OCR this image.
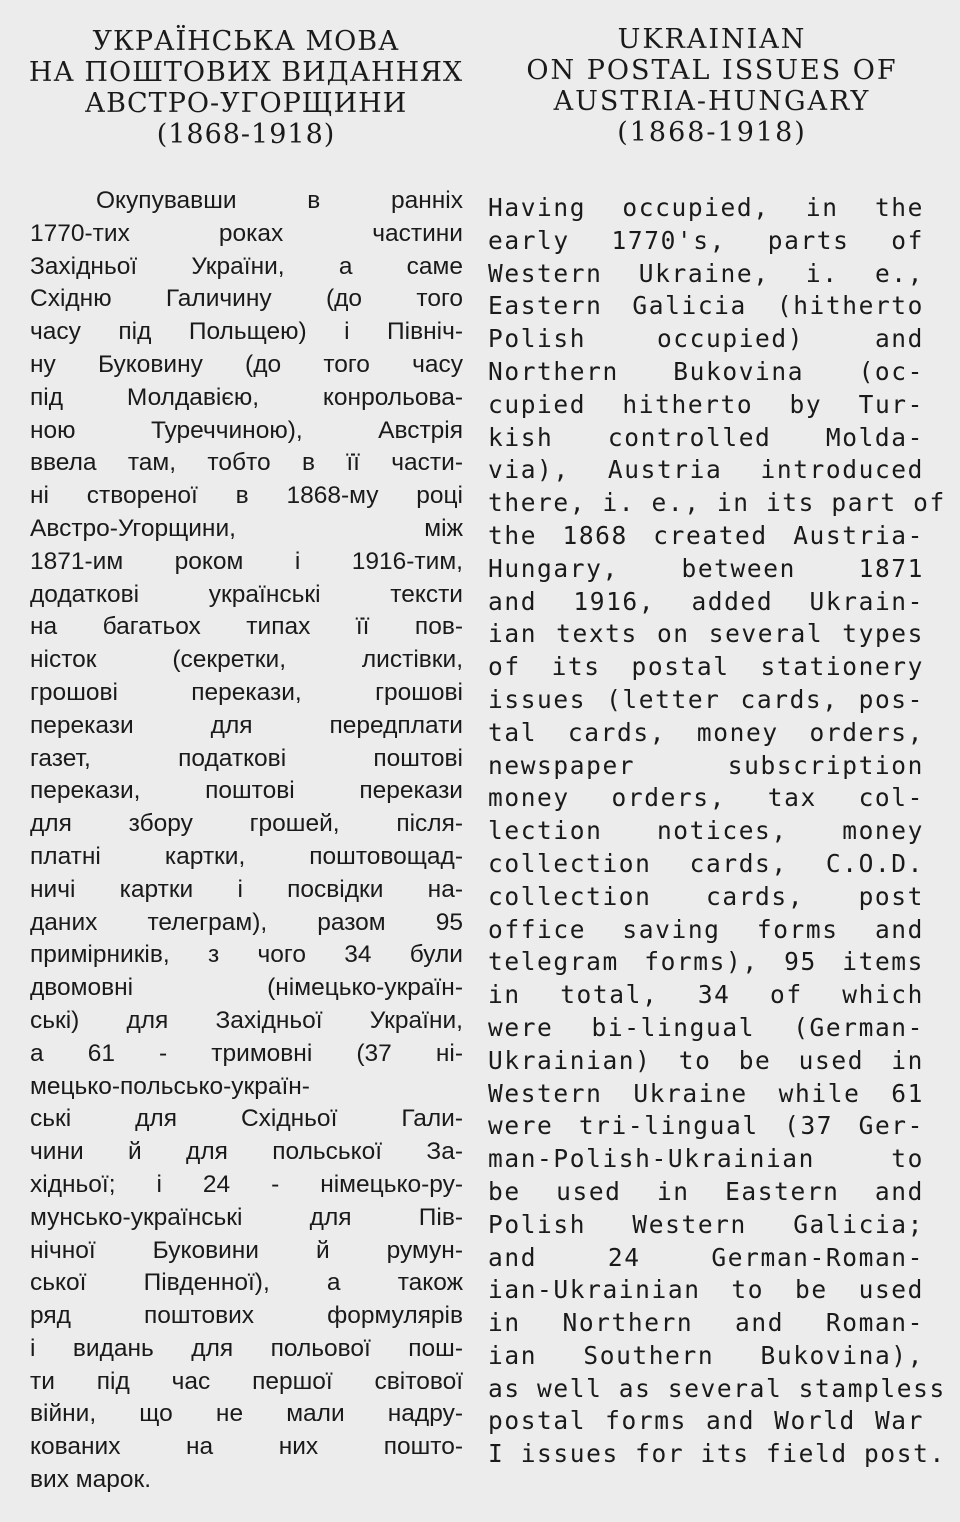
УКРАЇНСЬКА МОВА
НА ПОШТОВИХ ВИДАННЯХ
АВСТРО-УГОРЩИНИ
(1868-1918)
Окупувавши в ранніх
1770-тих роках частини
Західньої України, а саме
Східню Галичину (до того
часу під Польщею) і Північ-
ну Буковину (до того часу
під Молдавією, конрольова-
ною Туреччиною), Австрія
ввела там, тобто в її части-
ні створеної в 1868-му році
Австро-Угорщини, між
1871-им роком і 1916-тим,
додаткові українські тексти
на багатьох типах її пов-
ністок (секретки, листівки,
грошові перекази, грошові
перекази для передплати
газет, податкові поштові
перекази, поштові перекази
для збору грошей, після-
платні картки, поштовощад-
ничі картки і посвідки на-
даних телеграм), разом 95
примірників, з чого 34 були
двомовні (німецько-україн-
ські) для Західньої України,
а 61 - тримовні (37 ні-
мецько-польсько-україн-
ські для Східньої Гали-
чини й для польської За-
хідньої; і 24 - німецько-ру-
мунсько-українські для Пів-
нічної Буковини й румун-
ської Південної), а також
ряд поштових формулярів
і видань для польової пош-
ти під час першої світової
війни, що не мали надру-
кованих на них пошто-
вих марок.
UKRAINIAN
ON POSTAL ISSUES OF
AUSTRIA-HUNGARY
(1868-1918)
Having occupied, in the
early 1770's, parts of
Western Ukraine, i. e.,
Eastern Galicia (hitherto
Polish occupied) and
Northern Bukovina (oc-
cupied hitherto by Tur-
kish controlled Molda-
via), Austria introduced
there, i. e., in its part of
the 1868 created Austria-
Hungary, between 1871
and 1916, added Ukrain-
ian texts on several types
of its postal stationery
issues (letter cards, pos-
tal cards, money orders,
newspaper subscription
money orders, tax col-
lection notices, money
collection cards, C.O.D.
collection cards, post
office saving forms and
telegram forms), 95 items
in total, 34 of which
were bi-lingual (German-
Ukrainian) to be used in
Western Ukraine while 61
were tri-lingual (37 Ger-
man-Polish-Ukrainian to
be used in Eastern and
Polish Western Galicia;
and 24 German-Roman-
ian-Ukrainian to be used
in Northern and Roman-
ian Southern Bukovina),
as well as several stampless
postal forms and World War
I issues for its field post.
